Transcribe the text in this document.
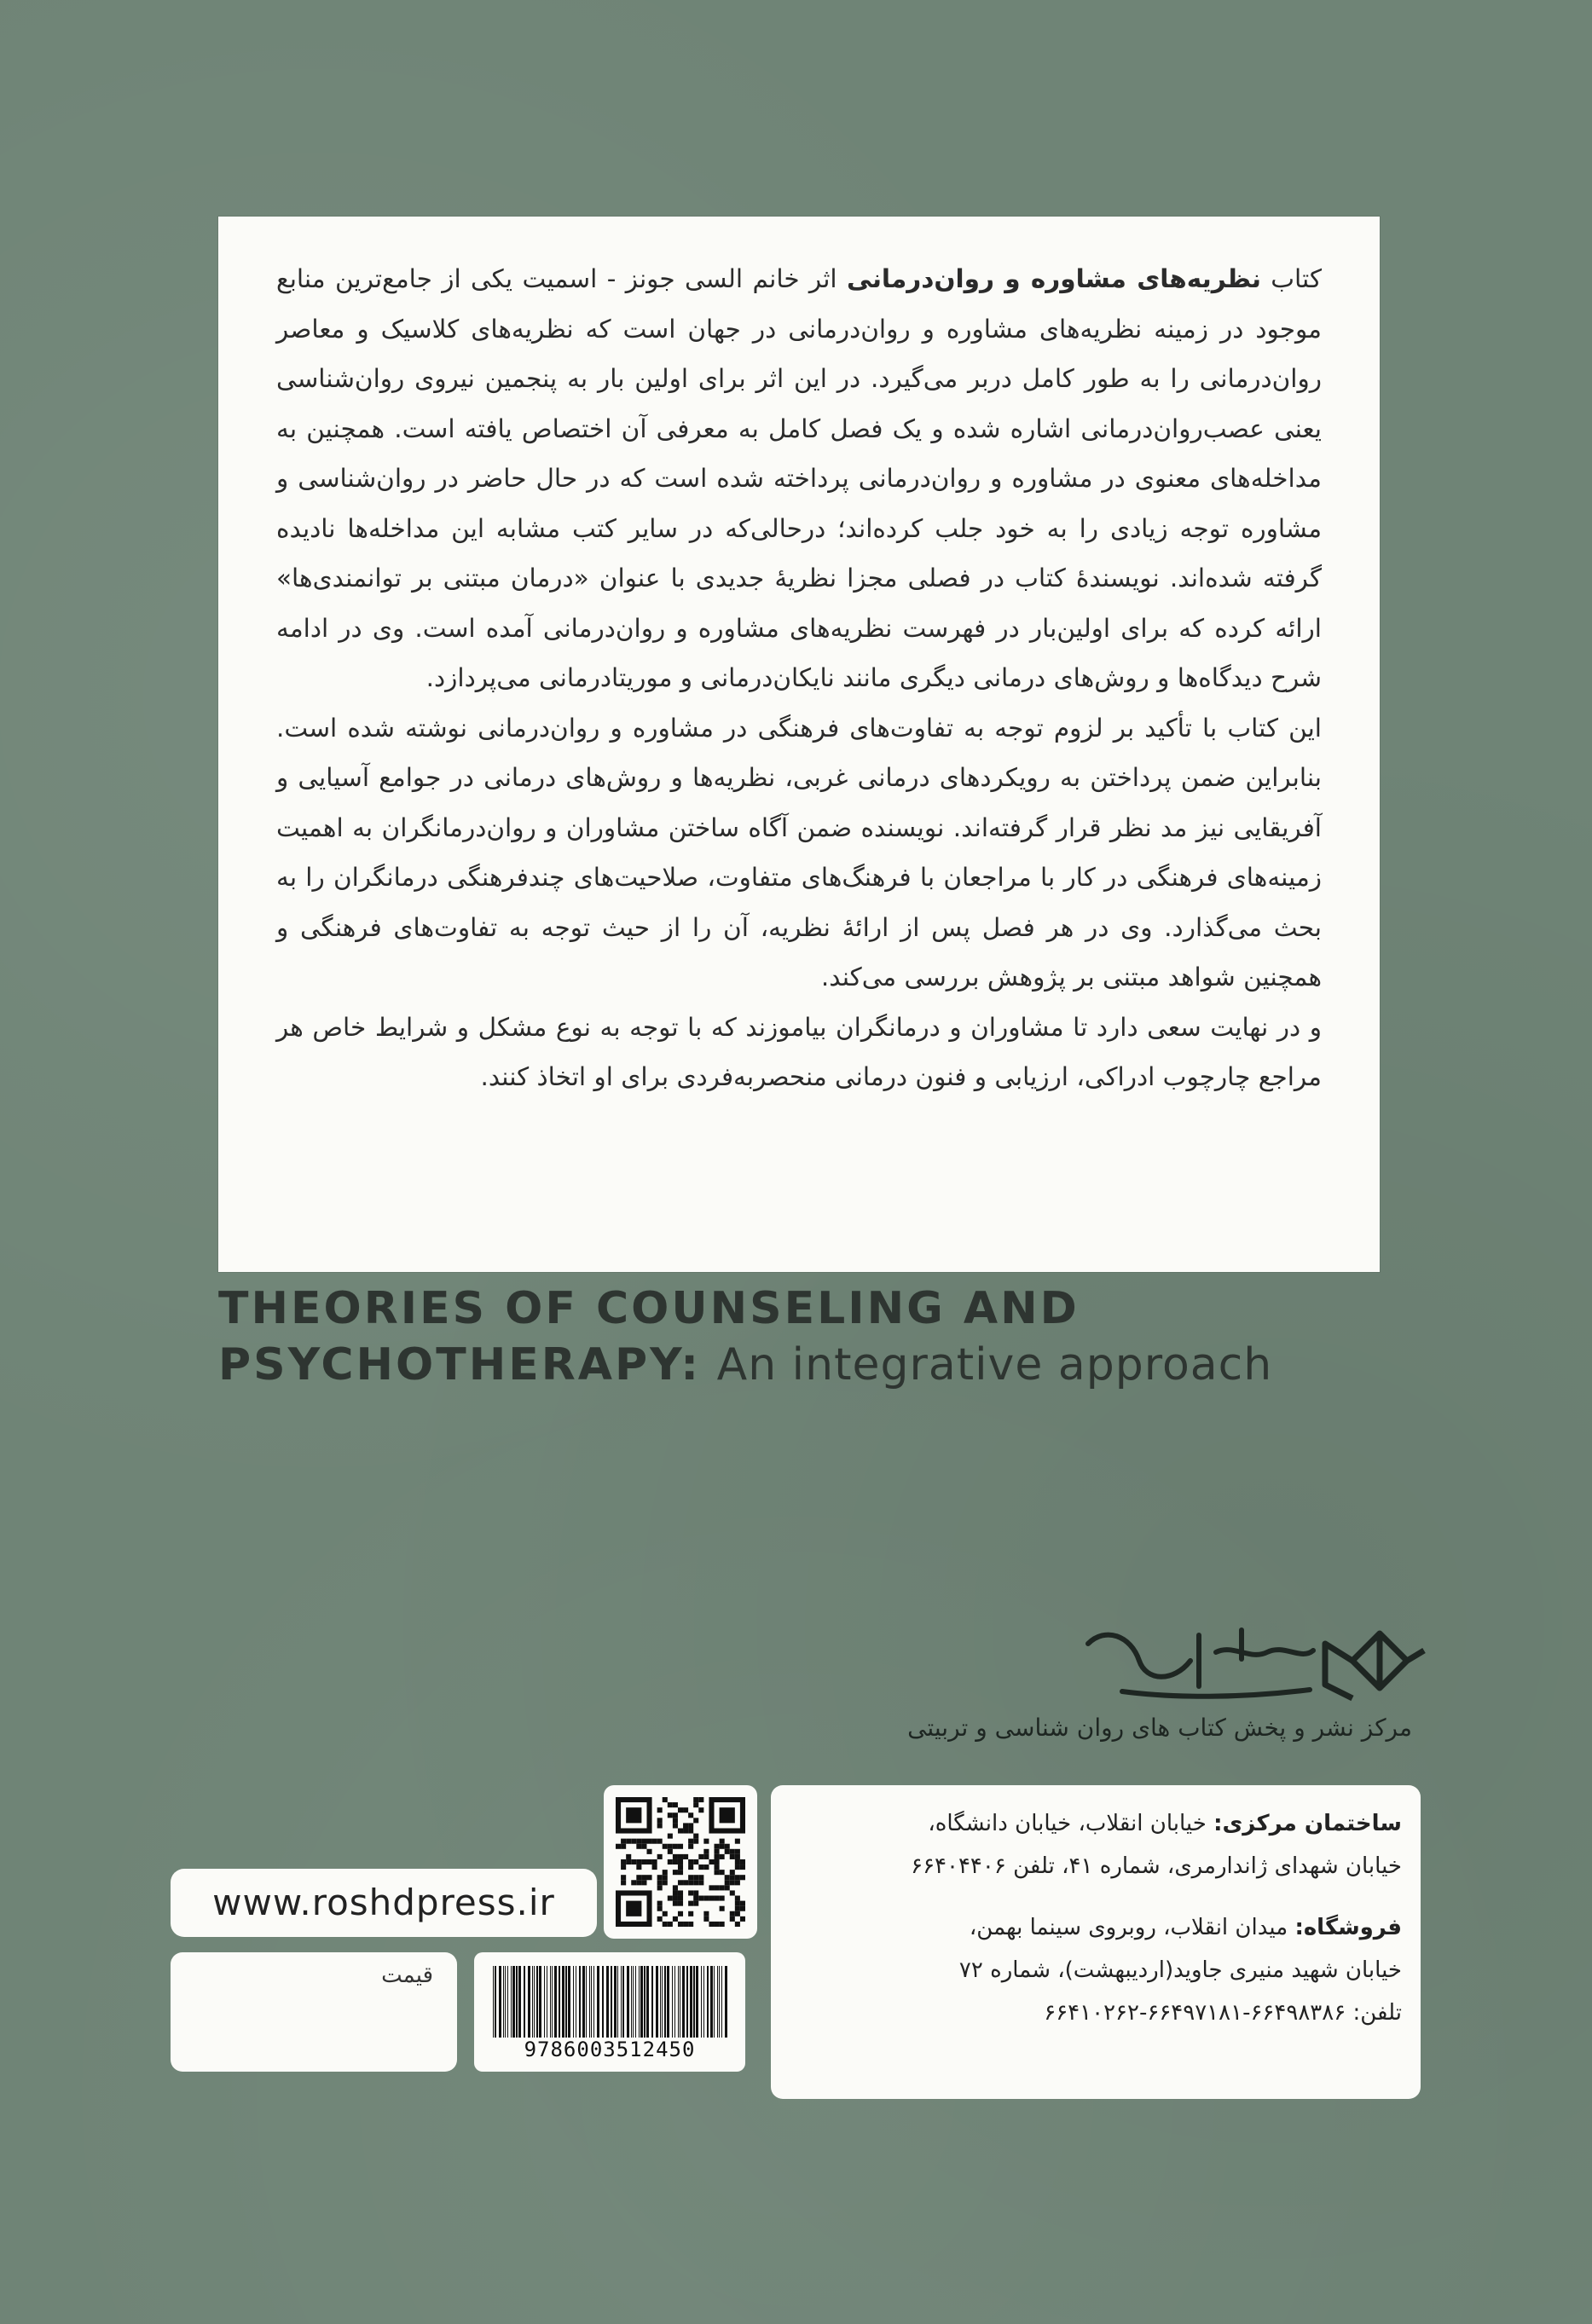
کتاب نظریه‌های مشاوره و روان‌درمانی اثر خانم السی جونز - اسمیت یکی از جامع‌ترین منابع موجود در زمینه نظریه‌های مشاوره و روان‌درمانی در جهان است که نظریه‌های کلاسیک و معاصر روان‌درمانی را به طور کامل دربر می‌گیرد. در این اثر برای اولین بار به پنجمین نیروی روان‌شناسی یعنی عصب‌روان‌درمانی اشاره شده و یک فصل کامل به معرفی آن اختصاص یافته است. همچنین به مداخله‌های معنوی در مشاوره و روان‌درمانی پرداخته شده است که در حال حاضر در روان‌شناسی و مشاوره توجه زیادی را به خود جلب کرده‌اند؛ درحالی‌که در سایر کتب مشابه این مداخله‌ها نادیده گرفته شده‌اند. نویسندهٔ کتاب در فصلی مجزا نظریهٔ جدیدی با عنوان «درمان مبتنی بر توانمندی‌ها» ارائه کرده که برای اولین‌بار در فهرست نظریه‌های مشاوره و روان‌درمانی آمده است. وی در ادامه شرح دیدگاه‌ها و روش‌های درمانی دیگری مانند نایکان‌درمانی و موریتادرمانی می‌پردازد.

این کتاب با تأکید بر لزوم توجه به تفاوت‌های فرهنگی در مشاوره و روان‌درمانی نوشته شده است. بنابراین ضمن پرداختن به رویکردهای درمانی غربی، نظریه‌ها و روش‌های درمانی در جوامع آسیایی و آفریقایی نیز مد نظر قرار گرفته‌اند. نویسنده ضمن آگاه ساختن مشاوران و روان‌درمانگران به اهمیت زمینه‌های فرهنگی در کار با مراجعان با فرهنگ‌های متفاوت، صلاحیت‌های چندفرهنگی درمانگران را به بحث می‌گذارد. وی در هر فصل پس از ارائهٔ نظریه، آن را از حیث توجه به تفاوت‌های فرهنگی و همچنین شواهد مبتنی بر پژوهش بررسی می‌کند.

و در نهایت سعی دارد تا مشاوران و درمانگران بیاموزند که با توجه به نوع مشکل و شرایط خاص هر مراجع چارچوب ادراکی، ارزیابی و فنون درمانی منحصربه‌فردی برای او اتخاذ کنند.

THEORIES OF COUNSELING AND
PSYCHOTHERAPY: An integrative approach
مرکز نشر و پخش کتاب های روان شناسی و تربیتی
ساختمان مرکزی: خیابان انقلاب، خیابان دانشگاه،
خیابان شهدای ژاندارمری، شماره ۴۱، تلفن ۶۶۴۰۴۴۰۶
فروشگاه: میدان انقلاب، روبروی سینما بهمن،
خیابان شهید منیری جاوید(اردیبهشت)، شماره ۷۲
تلفن: ۶۶۴۹۸۳۸۶-۶۶۴۹۷۱۸۱-۶۶۴۱۰۲۶۲
www.roshdpress.ir
قیمت
9786003512450
